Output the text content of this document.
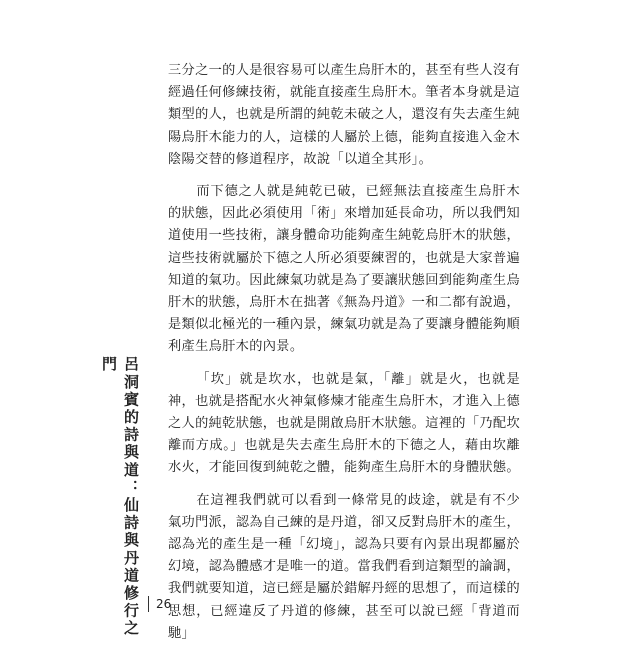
三分之一的人是很容易可以產生烏肝木的，甚至有些人沒有經過任何修練技術，就能直接產生烏肝木。筆者本身就是這類型的人，也就是所謂的純乾未破之人，還沒有失去產生純陽烏肝木能力的人，這樣的人屬於上德，能夠直接進入金木陰陽交替的修道程序，故說「以道全其形」。

而下德之人就是純乾已破，已經無法直接產生烏肝木的狀態，因此必須使用「術」來增加延長命功，所以我們知道使用一些技術，讓身體命功能夠產生純乾烏肝木的狀態，這些技術就屬於下德之人所必須要練習的，也就是大家普遍知道的氣功。因此練氣功就是為了要讓狀態回到能夠產生烏肝木的狀態，烏肝木在拙著《無為丹道》一和二都有說過，是類似北極光的一種內景，練氣功就是為了要讓身體能夠順利產生烏肝木的內景。

「坎」就是坎水，也就是氣，「離」就是火，也就是神，也就是搭配水火神氣修煉才能產生烏肝木，才進入上德之人的純乾狀態，也就是開啟烏肝木狀態。這裡的「乃配坎離而方成。」也就是失去產生烏肝木的下德之人，藉由坎離水火，才能回復到純乾之體，能夠產生烏肝木的身體狀態。

在這裡我們就可以看到一條常見的歧途，就是有不少氣功門派，認為自己練的是丹道，卻又反對烏肝木的產生，認為光的產生是一種「幻境」，認為只要有內景出現都屬於幻境，認為體感才是唯一的道。當我們看到這類型的論調，我們就要知道，這已經是屬於錯解丹經的思想了，而這樣的思想，已經違反了丹道的修練，甚至可以說已經「背道而馳」

呂洞賓的詩與道：仙詩與丹道修行之門
26
